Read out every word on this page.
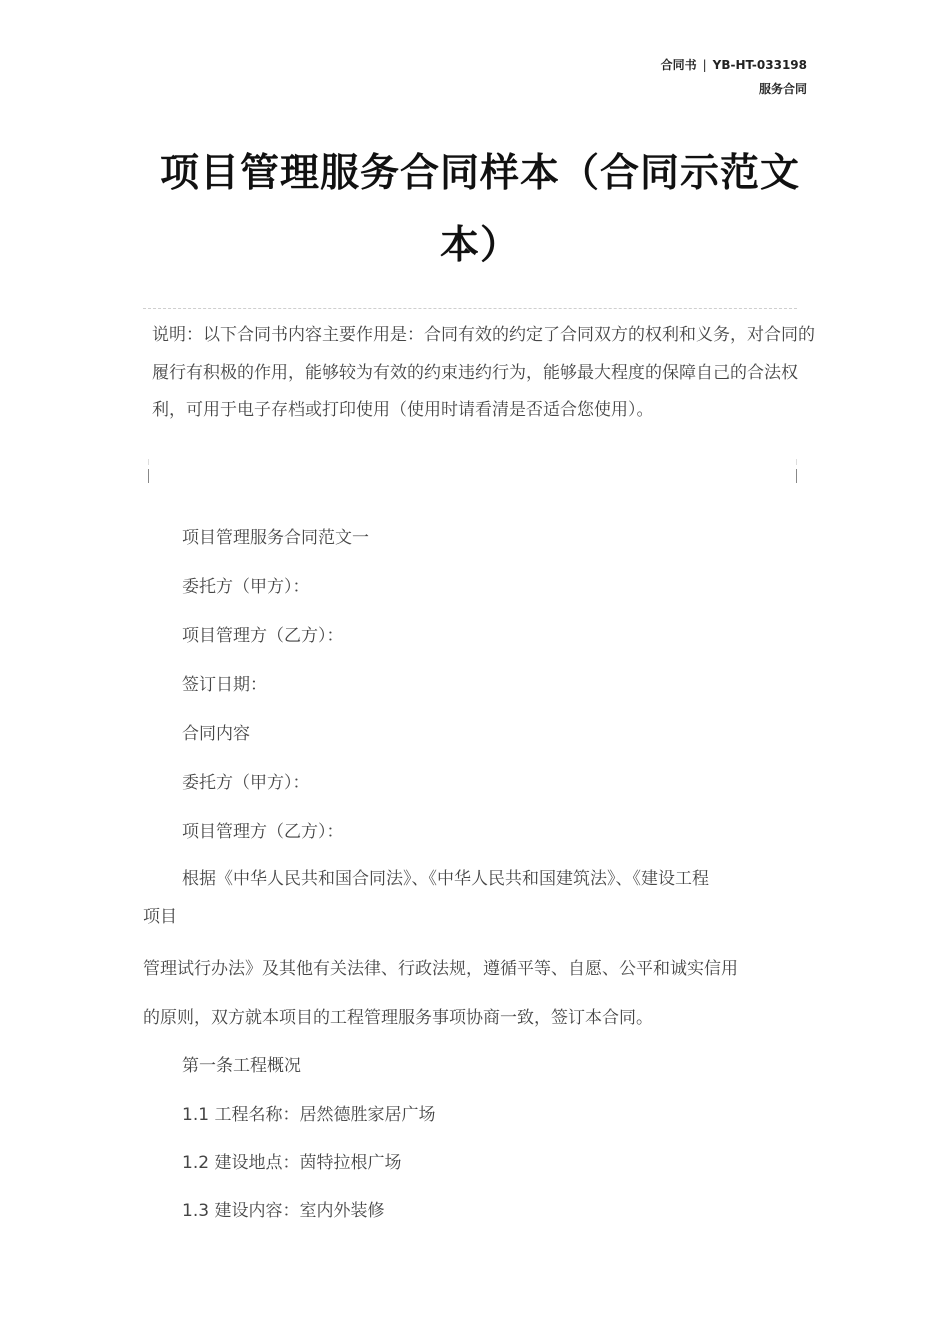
合同书 | YB-HT-033198
服务合同
项目管理服务合同样本（合同示范文
本）
说明：以下合同书内容主要作用是：合同有效的约定了合同双方的权利和义务，对合同的履行有积极的作用，能够较为有效的约束违约行为，能够最大程度的保障自己的合法权利，可用于电子存档或打印使用（使用时请看清是否适合您使用）。
项目管理服务合同范文一
委托方（甲方）：
项目管理方（乙方）：
签订日期：
合同内容
委托方（甲方）：
项目管理方（乙方）：
根据《中华人民共和国合同法》、《中华人民共和国建筑法》、《建设工程
项目
管理试行办法》及其他有关法律、行政法规，遵循平等、自愿、公平和诚实信用
的原则，双方就本项目的工程管理服务事项协商一致，签订本合同。
第一条工程概况
1.1 工程名称：居然德胜家居广场
1.2 建设地点：茵特拉根广场
1.3 建设内容：室内外装修
